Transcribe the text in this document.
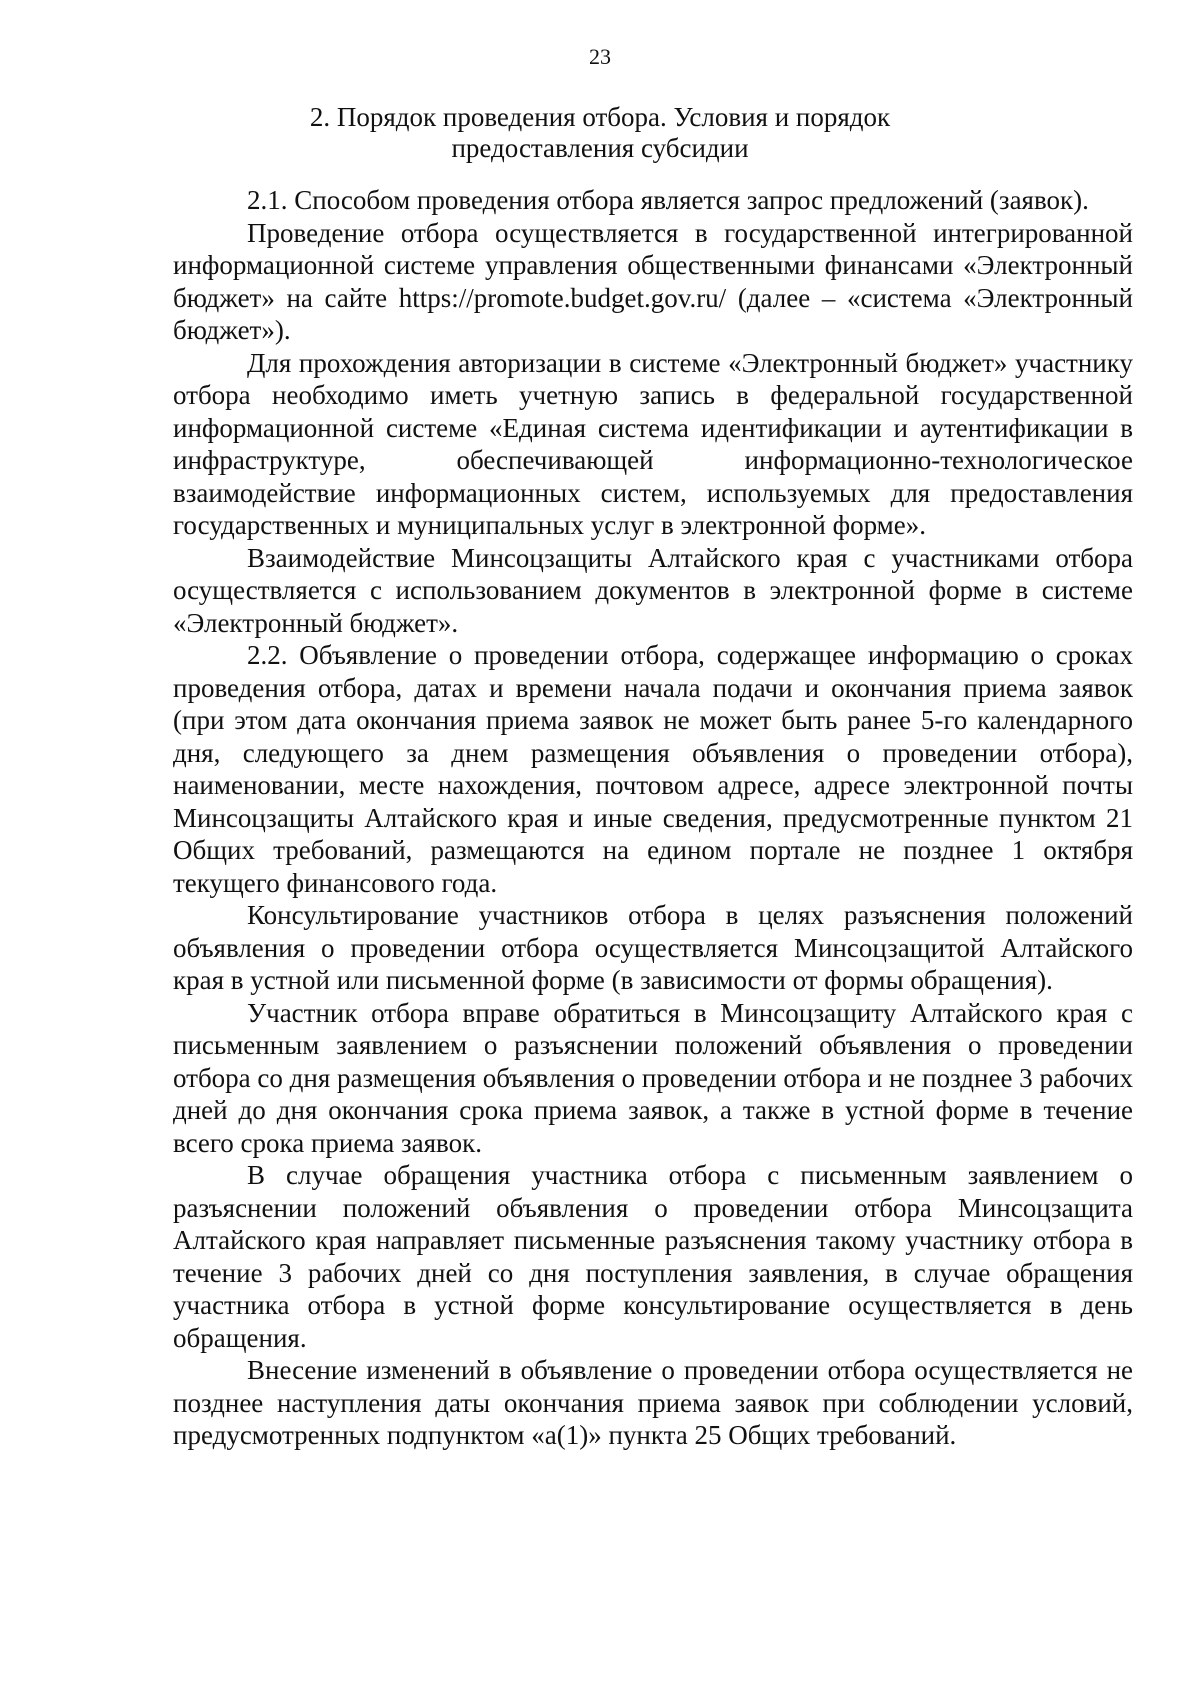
23
2. Порядок проведения отбора. Условия и порядок
предоставления субсидии

2.1. Способом проведения отбора является запрос предложений (заявок).

Проведение отбора осуществляется в государственной интегрированной информационной системе управления общественными финансами «Электронный бюджет» на сайте https://promote.budget.gov.ru/ (далее – «система «Электронный бюджет»).

Для прохождения авторизации в системе «Электронный бюджет» участнику отбора необходимо иметь учетную запись в федеральной государственной информационной системе «Единая система идентификации и аутентификации в инфраструктуре, обеспечивающей информационно-технологическое взаимодействие информационных систем, используемых для предоставления государственных и муниципальных услуг в электронной форме».

Взаимодействие Минсоцзащиты Алтайского края с участниками отбора осуществляется с использованием документов в электронной форме в системе «Электронный бюджет».

2.2. Объявление о проведении отбора, содержащее информацию о сроках проведения отбора, датах и времени начала подачи и окончания приема заявок (при этом дата окончания приема заявок не может быть ранее 5-го календарного дня, следующего за днем размещения объявления о проведении отбора), наименовании, месте нахождения, почтовом адресе, адресе электронной почты Минсоцзащиты Алтайского края и иные сведения, предусмотренные пунктом 21 Общих требований, размещаются на едином портале не позднее 1 октября текущего финансового года.

Консультирование участников отбора в целях разъяснения положений объявления о проведении отбора осуществляется Минсоцзащитой Алтайского края в устной или письменной форме (в зависимости от формы обращения).

Участник отбора вправе обратиться в Минсоцзащиту Алтайского края с письменным заявлением о разъяснении положений объявления о проведении отбора со дня размещения объявления о проведении отбора и не позднее 3 рабочих дней до дня окончания срока приема заявок, а также в устной форме в течение всего срока приема заявок.

В случае обращения участника отбора с письменным заявлением о разъяснении положений объявления о проведении отбора Минсоцзащита Алтайского края направляет письменные разъяснения такому участнику отбора в течение 3 рабочих дней со дня поступления заявления, в случае обращения участника отбора в устной форме консультирование осуществляется в день обращения.

Внесение изменений в объявление о проведении отбора осуществляется не позднее наступления даты окончания приема заявок при соблюдении условий, предусмотренных подпунктом «а(1)» пункта 25 Общих требований.
